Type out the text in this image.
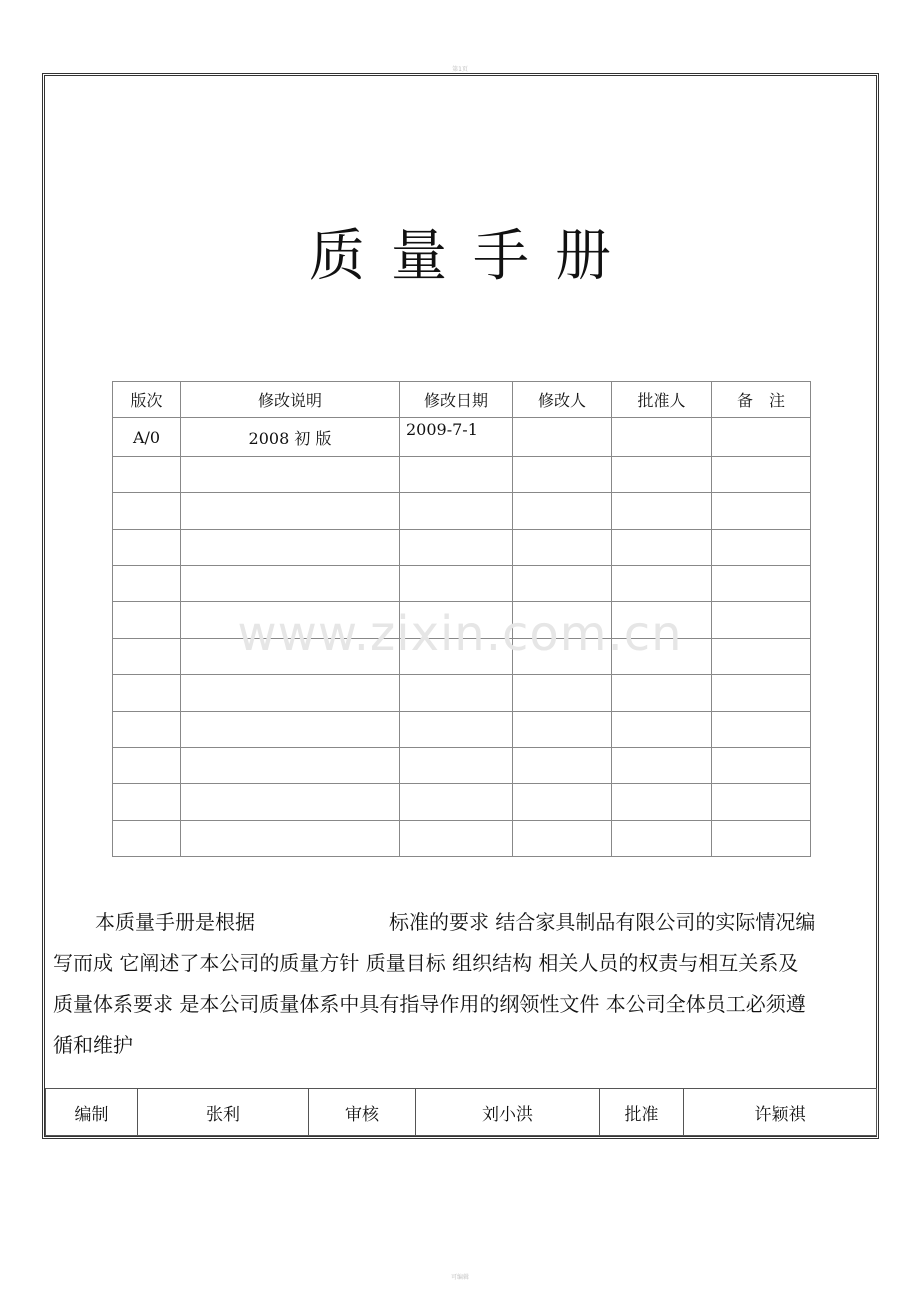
第1页
质量手册
版次	修改说明	修改日期	修改人	批准人	备　注
A/0	2008 初 版	2009-7-1			

www.zixin.com.cn
本质量手册是根据	标准的要求 结合家具制品有限公司的实际情况编
写而成 它阐述了本公司的质量方针 质量目标 组织结构 相关人员的权责与相互关系及
质量体系要求 是本公司质量体系中具有指导作用的纲领性文件 本公司全体员工必须遵
循和维护
编制	张利	审核	刘小洪	批准	许颖祺
可编辑
